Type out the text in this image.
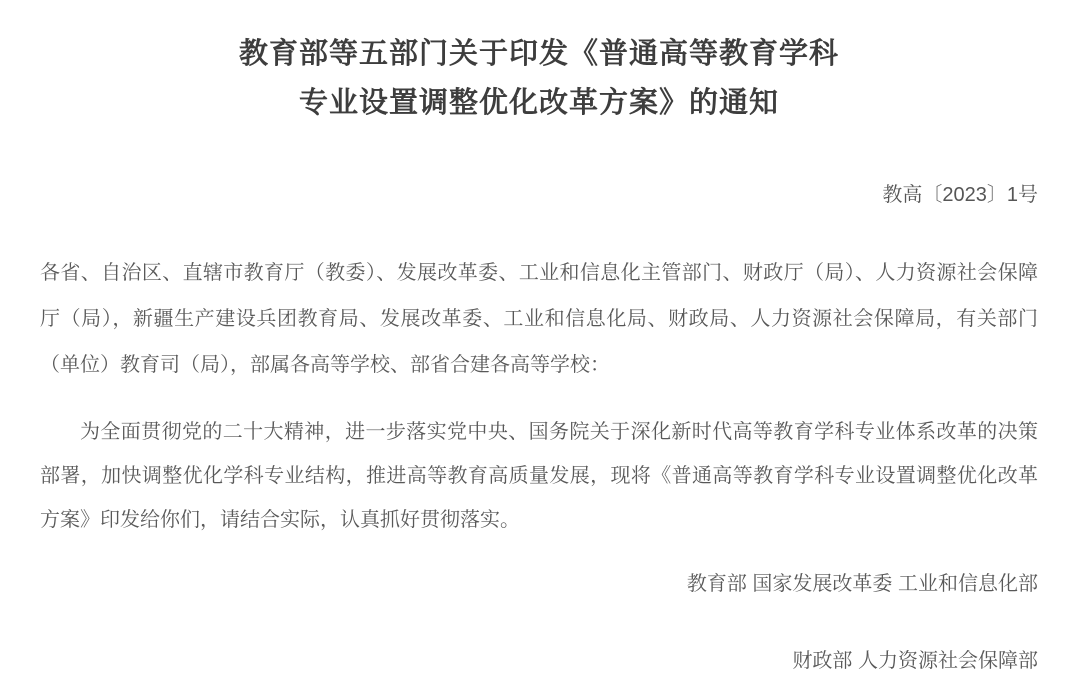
教育部等五部门关于印发《普通高等教育学科
专业设置调整优化改革方案》的通知
教高〔2023〕1号

各省、自治区、直辖市教育厅（教委）、发展改革委、工业和信息化主管部门、财政厅（局）、人力资源社会保障厅（局），新疆生产建设兵团教育局、发展改革委、工业和信息化局、财政局、人力资源社会保障局，有关部门（单位）教育司（局），部属各高等学校、部省合建各高等学校：

为全面贯彻党的二十大精神，进一步落实党中央、国务院关于深化新时代高等教育学科专业体系改革的决策部署，加快调整优化学科专业结构，推进高等教育高质量发展，现将《普通高等教育学科专业设置调整优化改革方案》印发给你们，请结合实际，认真抓好贯彻落实。

教育部 国家发展改革委 工业和信息化部
财政部 人力资源社会保障部
